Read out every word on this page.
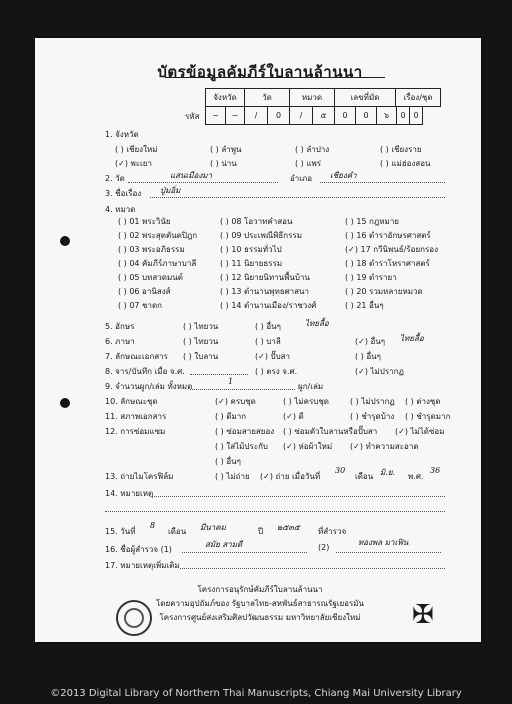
บัตรข้อมูลคัมภีร์ใบลานล้านนา
จังหวัด	วัด	หมวด	เลขที่มัด	เรื่อง/ชุด
รหัส ~	~	/	0	/	๕	0	0	๖	0	0
1. จังหวัด
( ) เชียงใหม่	( ) ลำพูน	( ) ลำปาง	( ) เชียงราย
(✓) พะเยา	( ) น่าน	( ) แพร่	( ) แม่ฮ่องสอน
2. วัด	แสนเมืองมา	อำเภอ เชียงคำ
3. ชื่อเรื่อง ปู่มอิ่ม
4. หมวด
( ) 01 พระวินัย
( ) 02 พระสุตตันตปิฎก
( ) 03 พระอภิธรรม
( ) 04 คัมภีร์ภาษาบาลี
( ) 05 บทสวดมนต์
( ) 06 อานิสงส์
( ) 07 ชาดก
( ) 08 โอวาทคำสอน
( ) 09 ประเพณีพิธีกรรม
( ) 10 ธรรมทั่วไป
( ) 11 นิยายธรรม
( ) 12 นิยายนิทานพื้นบ้าน
( ) 13 ตำนานพุทธศาสนา
( ) 14 ตำนานเมือง/ราชวงศ์
( ) 15 กฎหมาย
( ) 16 ตำราอักษรศาสตร์
(✓) 17 กวีนิพนธ์/ร้อยกรอง
( ) 18 ตำราโหราศาสตร์
( ) 19 ตำรายา
( ) 20 รวมหลายหมวด
( ) 21 อื่นๆ
5. อักษร	( ) ไทยวน	( ) อื่นๆ	ไทยลื้อ
6. ภาษา	( ) ไทยวน	( ) บาลี	(✓) อื่นๆ ไทยลื้อ
7. ลักษณะเอกสาร ( ) ใบลาน	(✓) ปั๊บสา	( ) อื่นๆ
8. จาร/บันทึก เมื่อ จ.ศ.	( ) ตรง จ.ศ.	(✓) ไม่ปรากฏ
9. จำนวนผูก/เล่ม ทั้งหมด
1
ผูก/เล่ม
10. ลักษณะชุด	(✓) ครบชุด	( ) ไม่ครบชุด	( ) ไม่ปรากฏ ( ) ต่างชุด
11. สภาพเอกสาร	( ) ดีมาก	(✓) ดี	( ) ชำรุดบ้าง ( ) ชำรุดมาก
12. การซ่อมแซม	( ) ซ่อมสายสยอง ( ) ซ่อมตัวใบลานหรือปั๊บสา (✓) ไม่ได้ซ่อม
( ) ใส่ไม้ประกับ (✓) ห่อผ้าใหม่ (✓) ทำความสะอาด
( ) อื่นๆ
13. ถ่ายไมโครฟิล์ม	( ) ไม่ถ่าย (✓) ถ่าย เมื่อวันที่
30
เดือน มิ.ย. พ.ศ.
36
14. หมายเหตุ
15. วันที่
8
เดือน มีนาคม	ปี ๒๕๓๕ ที่สำรวจ
16. ชื่อผู้สำรวจ (1)
สมัย สามดี	(2)
ทองพล มาเฟิน
17. หมายเหตุเพิ่มเติม
โครงการอนุรักษ์คัมภีร์ใบลานล้านนา
โดยความอุปถัมภ์ของ รัฐบาลไทย-สหพันธ์สาธารณรัฐเยอรมัน
โครงการศูนย์ส่งเสริมศิลปวัฒนธรรม มหาวิทยาลัยเชียงใหม่	✠
©2013 Digital Library of Northern Thai Manuscripts, Chiang Mai University Library
